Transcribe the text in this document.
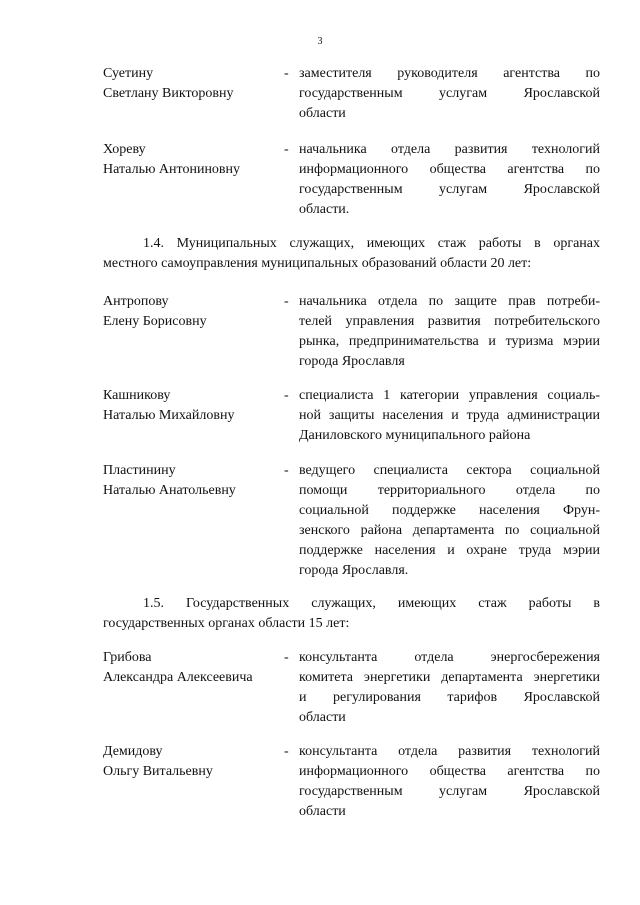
3
Суетину
Светлану Викторовну
- заместителя руководителя агентства по
государственным услугам Ярославской
области
Хореву
Наталью Антониновну
- начальника отдела развития технологий
информационного общества агентства по
государственным услугам Ярославской
области.
1.4. Муниципальных служащих, имеющих стаж работы в органах
местного самоуправления муниципальных образований области 20 лет:
Антропову
Елену Борисовну
- начальника отдела по защите прав потреби-
телей управления развития потребительского
рынка, предпринимательства и туризма мэрии
города Ярославля
Кашникову
Наталью Михайловну
- специалиста 1 категории управления социаль-
ной защиты населения и труда администрации
Даниловского муниципального района
Пластинину
Наталью Анатольевну
- ведущего специалиста сектора социальной
помощи территориального отдела по
социальной поддержке населения Фрун-
зенского района департамента по социальной
поддержке населения и охране труда мэрии
города Ярославля.
1.5. Государственных служащих, имеющих стаж работы в
государственных органах области 15 лет:
Грибова
Александра Алексеевича
- консультанта отдела энергосбережения
комитета энергетики департамента энергетики
и регулирования тарифов Ярославской
области
Демидову
Ольгу Витальевну
- консультанта отдела развития технологий
информационного общества агентства по
государственным услугам Ярославской
области
